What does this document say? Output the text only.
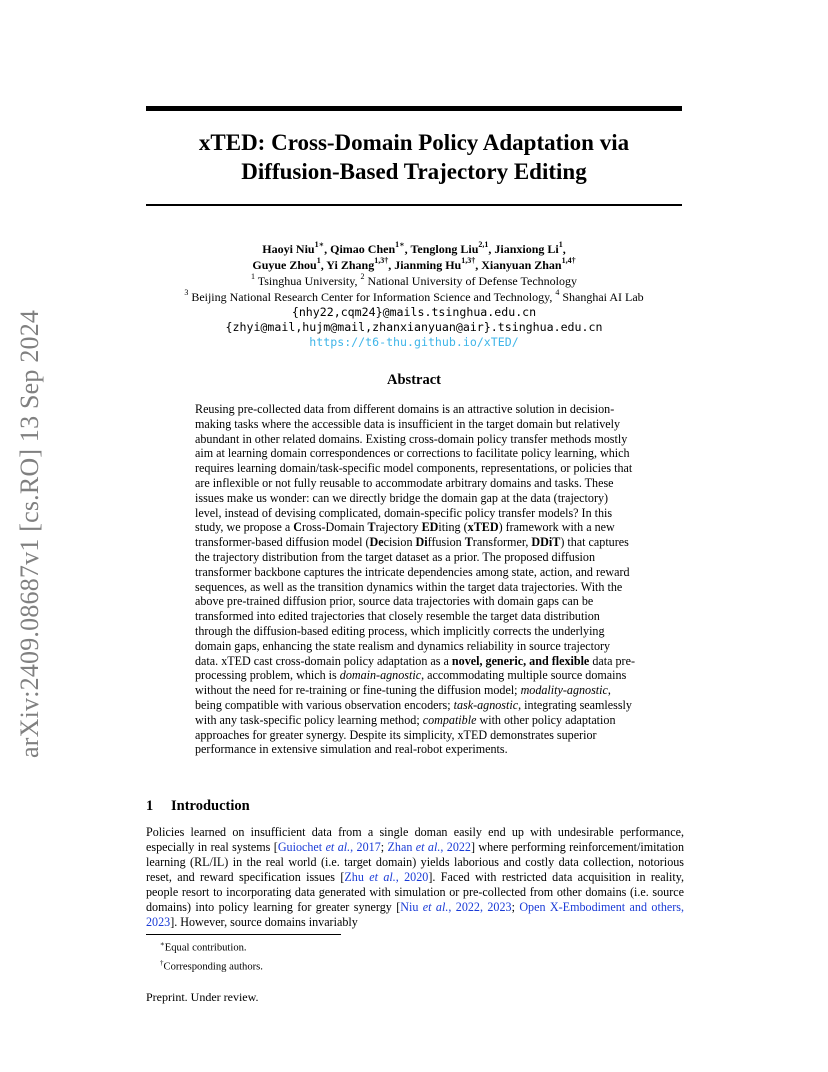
xTED: Cross-Domain Policy Adaptation via
Diffusion-Based Trajectory Editing
arXiv:2409.08687v1 [cs.RO] 13 Sep 2024
Haoyi Niu$^{1∗}$, Qimao Chen$^{1∗}$, Tenglong Liu$^{2,1}$, Jianxiong Li$^1$,
Guyue Zhou$^1$, Yi Zhang$^{1,3\dagger}$, Jianming $Hu^{1,3\dagger}$, Xianyuan Zhan$^{1,4\dagger}$
$^1$ Tsinghua University, $^2$ National University of Defense Technology
$^3$ Beijing National Research Center for Information Science and Technology, $^4$ Shanghai AI Lab
{nhy22,cqm24}@mails.tsinghua.edu.cn
{zhyi@mail,hujm@mail,zhanxianyuan@air}.tsinghua.edu.cn
https://t6-thu.github.io/xTED/
Abstract

Reusing pre-collected data from different domains is an attractive solution in decision-making tasks where the accessible data is insufficient in the target domain but relatively abundant in other related domains. Existing cross-domain policy transfer methods mostly aim at learning domain correspondences or corrections to facilitate policy learning, which requires learning domain/task-specific model components, representations, or policies that are inflexible or not fully reusable to accommodate arbitrary domains and tasks. These issues make us wonder: can we directly bridge the domain gap at the data (trajectory) level, instead of devising complicated, domain-specific policy transfer models? In this study, we propose a Cross-Domain Trajectory EDiting (xTED) framework with a new transformer-based diffusion model (Decision Diffusion Transformer, DDiT) that captures the trajectory distribution from the target dataset as a prior. The proposed diffusion transformer backbone captures the intricate dependencies among state, action, and reward sequences, as well as the transition dynamics within the target data trajectories. With the above pre-trained diffusion prior, source data trajectories with domain gaps can be transformed into edited trajectories that closely resemble the target data distribution through the diffusion-based editing process, which implicitly corrects the underlying domain gaps, enhancing the state realism and dynamics reliability in source trajectory data. xTED cast cross-domain policy adaptation as a novel, generic, and flexible data pre-processing problem, which is domain-agnostic, accommodating multiple source domains without the need for re-training or fine-tuning the diffusion model; modality-agnostic, being compatible with various observation encoders; task-agnostic, integrating seamlessly with any task-specific policy learning method; compatible with other policy adaptation approaches for greater synergy. Despite its simplicity, xTED demonstrates superior performance in extensive simulation and real-robot experiments.

1 Introduction

Policies learned on insufficient data from a single doman easily end up with undesirable performance, especially in real systems [Guiochet et al., 2017; Zhan et al., 2022] where performing reinforcement/imitation learning (RL/IL) in the real world (i.e. target domain) yields laborious and costly data collection, notorious reset, and reward specification issues [Zhu et al., 2020]. Faced with restricted data acquisition in reality, people resort to incorporating data generated with simulation or pre-collected from other domains (i.e. source domains) into policy learning for greater synergy [Niu et al., 2022, 2023; Open X-Embodiment and others, 2023]. However, source domains invariably

∗Equal contribution.
†Corresponding authors.
Preprint. Under review.
